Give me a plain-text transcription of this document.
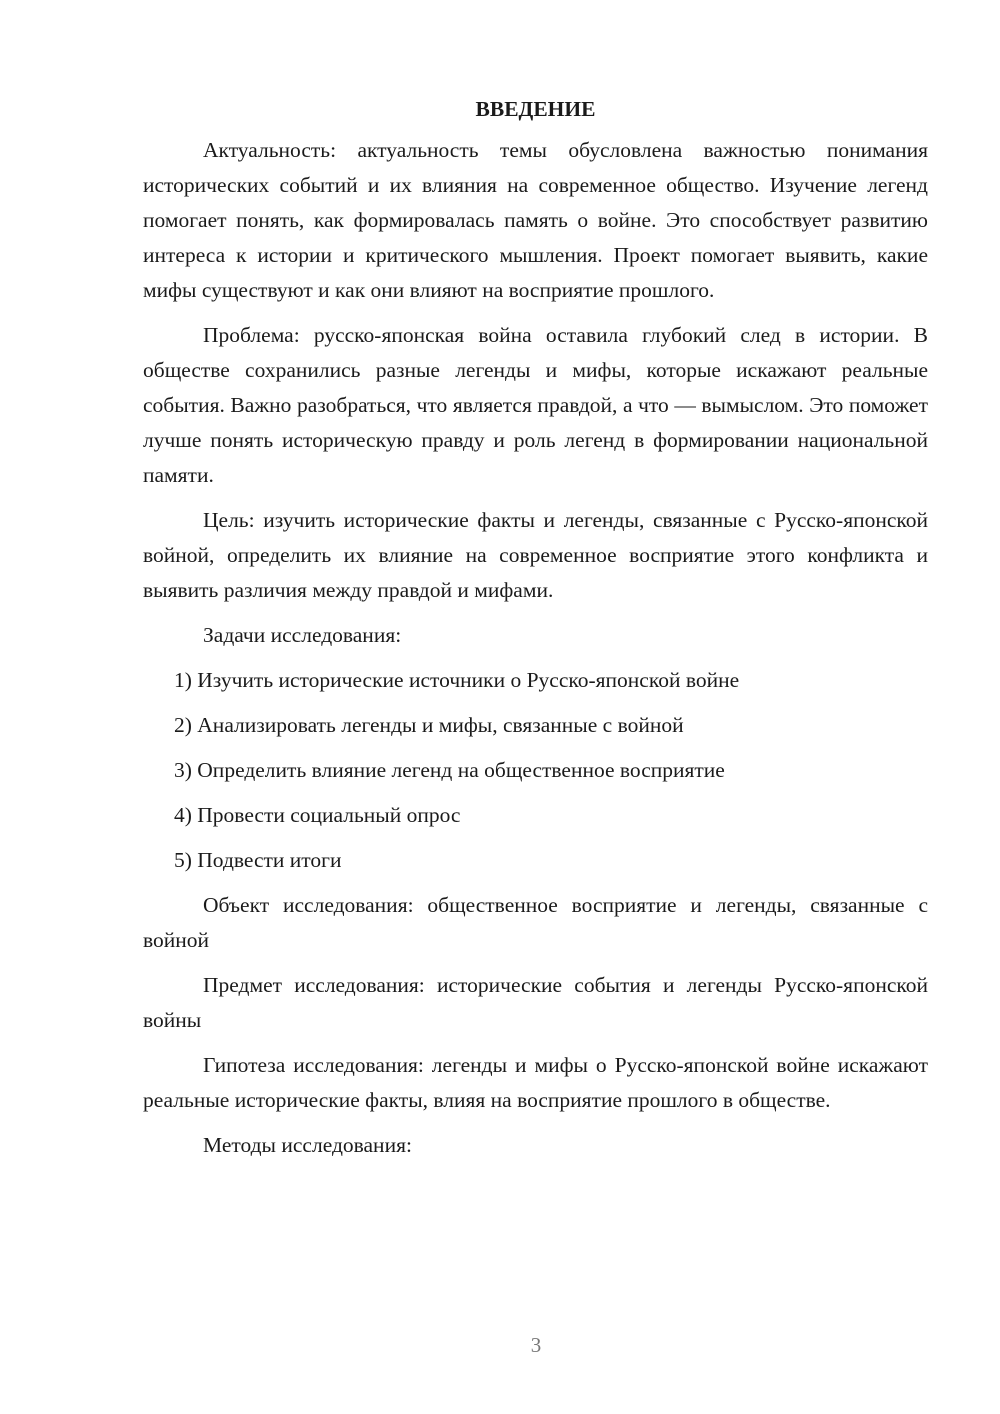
ВВЕДЕНИЕ

Актуальность: актуальность темы обусловлена важностью понимания исторических событий и их влияния на современное общество. Изучение легенд помогает понять, как формировалась память о войне. Это способствует развитию интереса к истории и критического мышления. Проект помогает выявить, какие мифы существуют и как они влияют на восприятие прошлого.

Проблема: русско-японская война оставила глубокий след в истории. В обществе сохранились разные легенды и мифы, которые искажают реальные события. Важно разобраться, что является правдой, а что — вымыслом. Это поможет лучше понять историческую правду и роль легенд в формировании национальной памяти.

Цель: изучить исторические факты и легенды, связанные с Русско-японской войной, определить их влияние на современное восприятие этого конфликта и выявить различия между правдой и мифами.

Задачи исследования:

1) Изучить исторические источники о Русско-японской войне
2) Анализировать легенды и мифы, связанные с войной
3) Определить влияние легенд на общественное восприятие
4) Провести социальный опрос
5) Подвести итоги

Объект исследования: общественное восприятие и легенды, связанные с войной

Предмет исследования: исторические события и легенды Русско-японской войны

Гипотеза исследования: легенды и мифы о Русско-японской войне искажают реальные исторические факты, влияя на восприятие прошлого в обществе.

Методы исследования:

3
